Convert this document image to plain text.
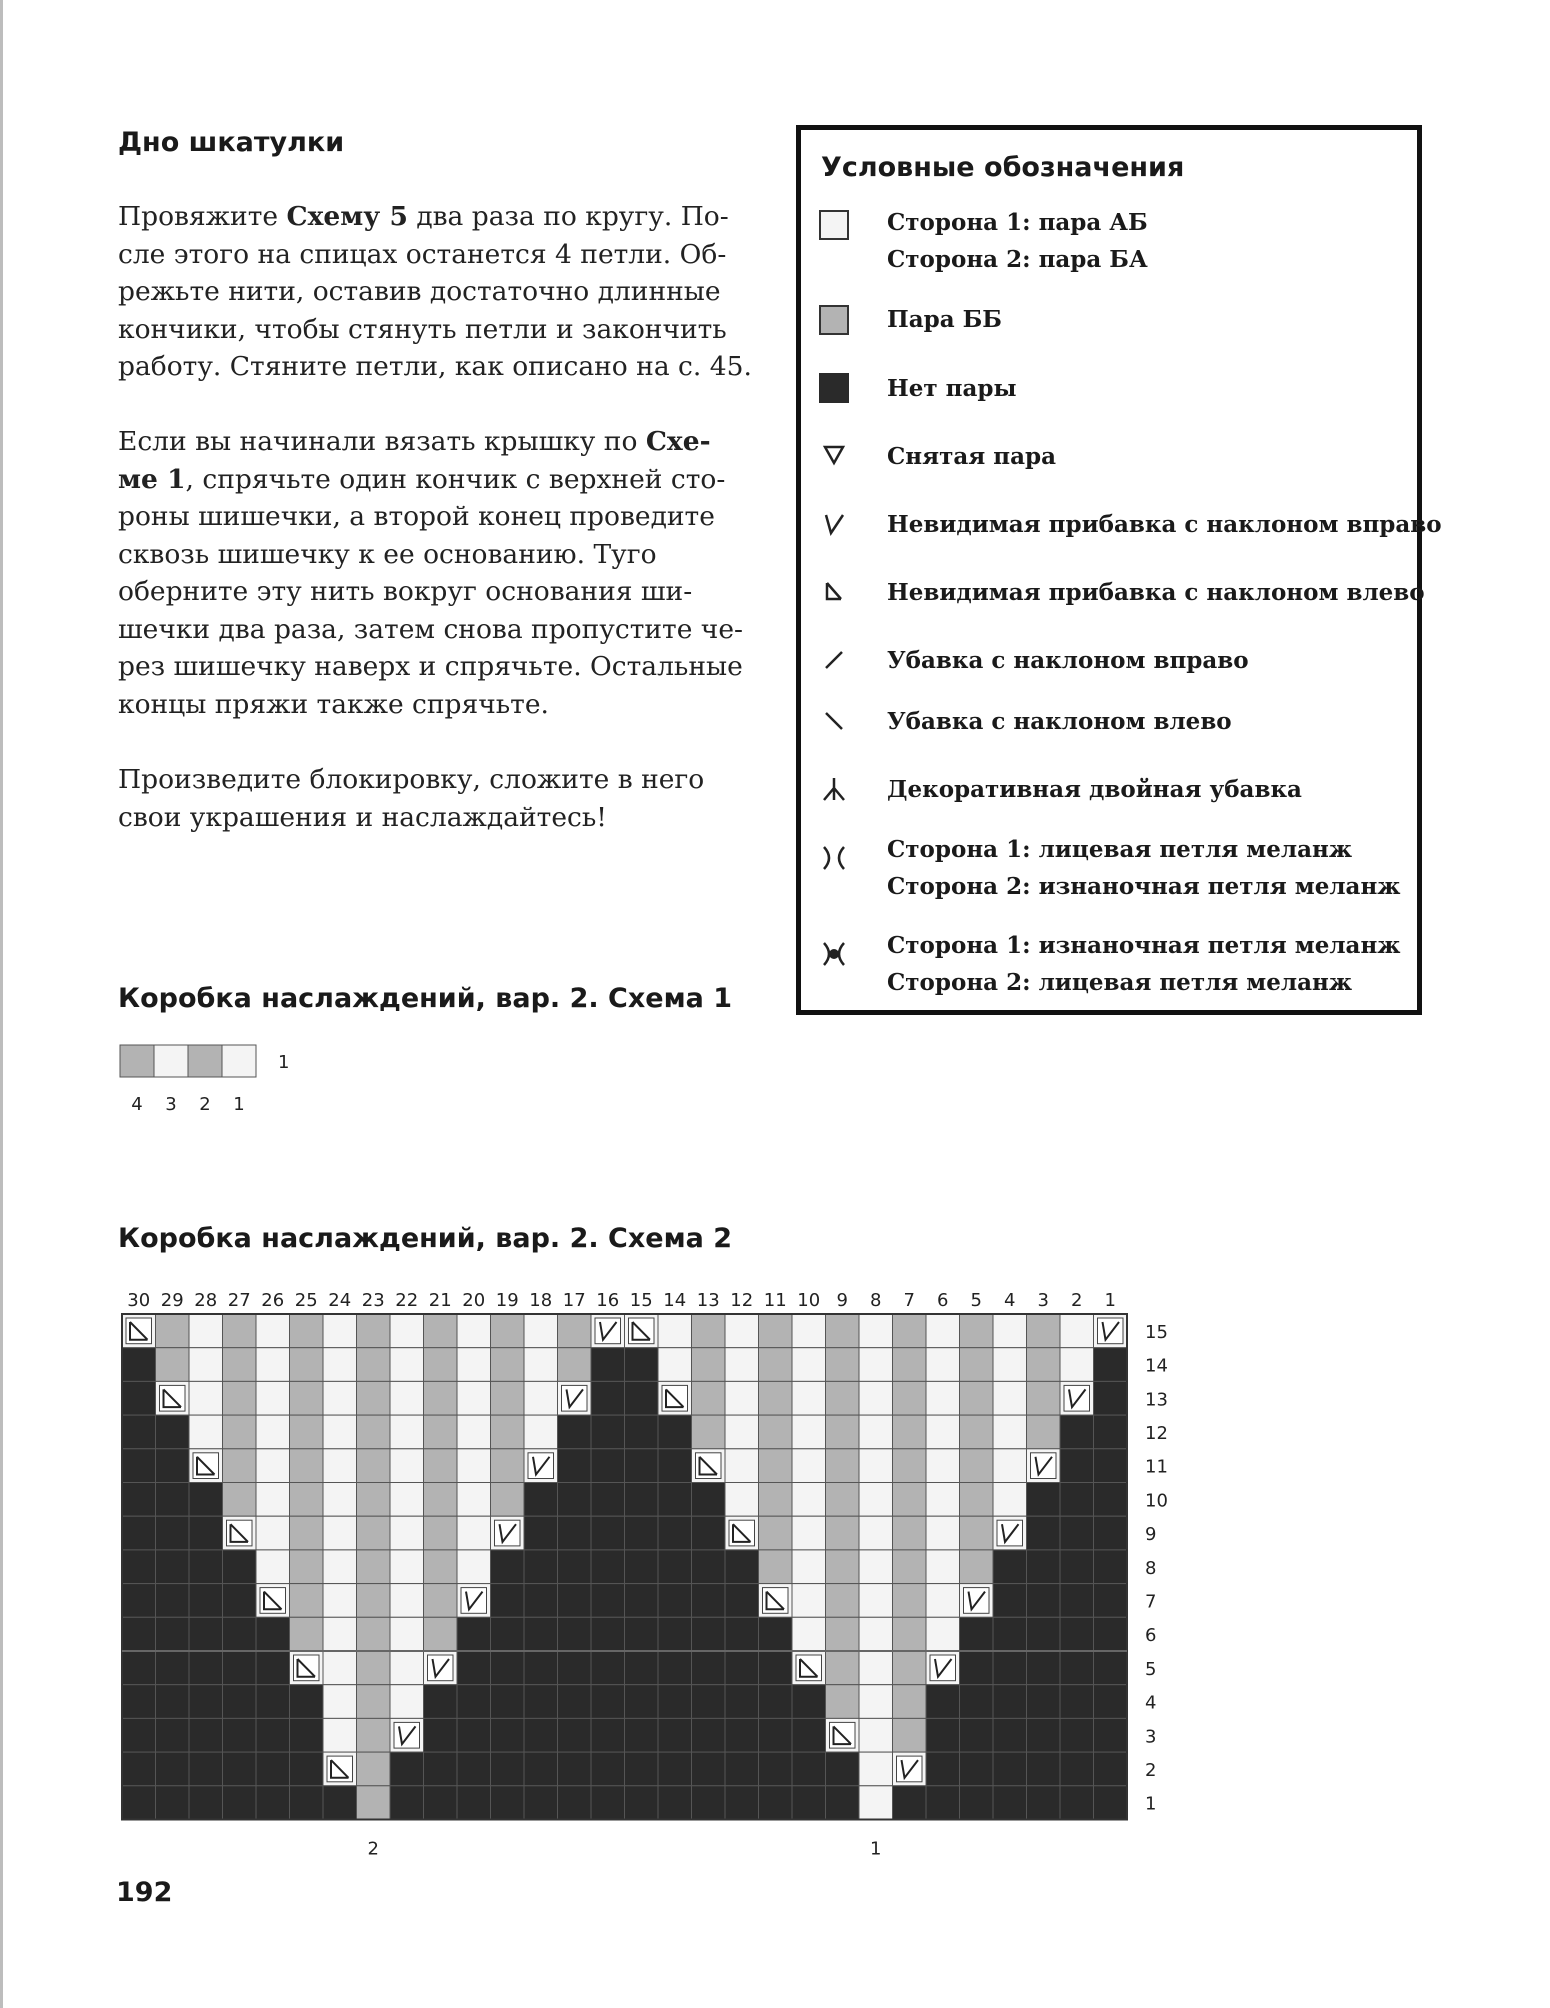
Дно шкатулки
Провяжите Схему 5 два раза по кругу. По-
сле этого на спицах останется 4 петли. Об-
режьте нити, оставив достаточно длинные
кончики, чтобы стянуть петли и закончить
работу. Стяните петли, как описано на с. 45.
Если вы начинали вязать крышку по Схе-
ме 1, спрячьте один кончик с верхней сто-
роны шишечки, а второй конец проведите
сквозь шишечку к ее основанию. Туго
оберните эту нить вокруг основания ши-
шечки два раза, затем снова пропустите че-
рез шишечку наверх и спрячьте. Остальные
концы пряжи также спрячьте.
Произведите блокировку, сложите в него
свои украшения и наслаждайтесь!
Условные обозначения
Сторона 1: пара АБ
Сторона 2: пара БА
Пара ББ
Нет пары
Снятая пара
Невидимая прибавка с наклоном вправо
Невидимая прибавка с наклоном влево
Убавка с наклоном вправо
Убавка с наклоном влево
Декоративная двойная убавка
Сторона 1: лицевая петля меланж
Сторона 2: изнаночная петля меланж
Сторона 1: изнаночная петля меланж
Сторона 2: лицевая петля меланж
Коробка наслаждений, вар. 2. Схема 1
1
4 3 2 1
Коробка наслаждений, вар. 2. Схема 2
30 29 28 27 26 25 24 23 22 21 20 19 18 17 16 15 14 13 12 11 10 9 8 7 6 5 4 3 2 1
15
14
13
12
11
10
9
8
7
6
5
4
3
2
1
2	1
192
